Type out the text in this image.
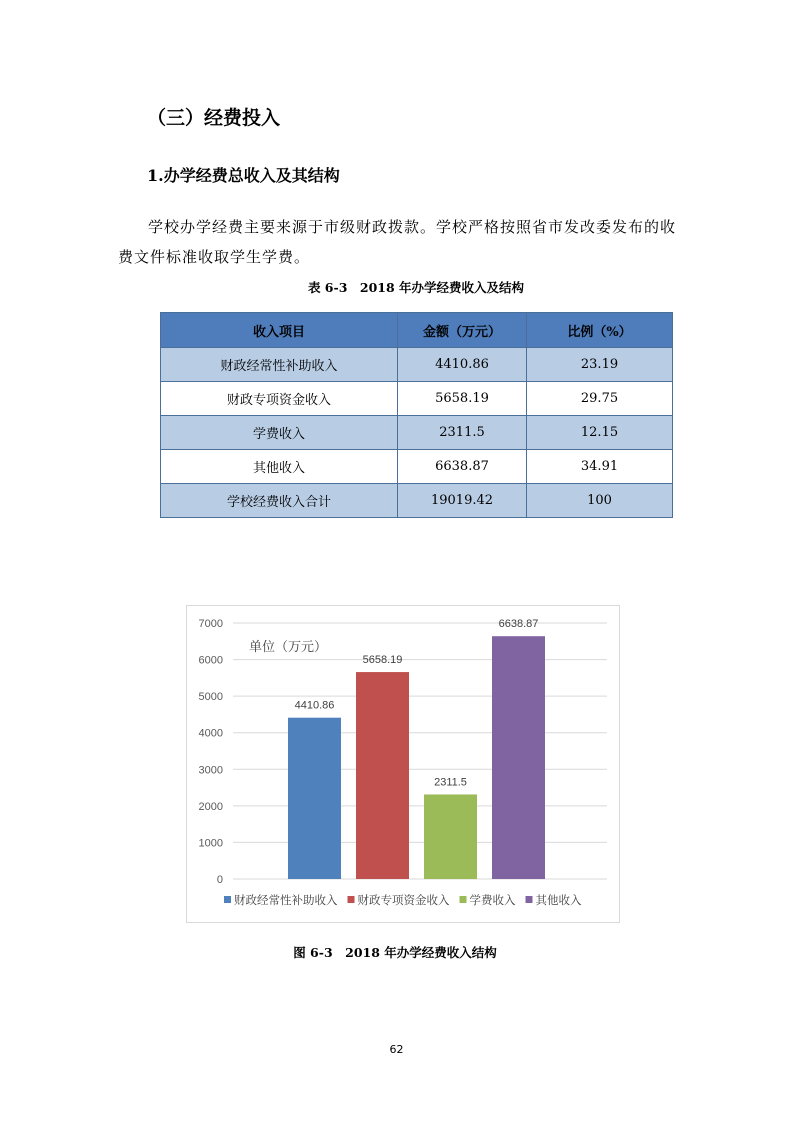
（三）经费投入
1.办学经费总收入及其结构
学校办学经费主要来源于市级财政拨款。学校严格按照省市发改委发布的收费文件标准收取学生学费。
表 6-3　2018 年办学经费收入及结构
收入项目	金额（万元）	比例（%）
财政经常性补助收入	4410.86	23.19
财政专项资金收入	5658.19	29.75
学费收入	2311.5	12.15
其他收入	6638.87	34.91
学校经费收入合计	19019.42	100
0
1000
2000
3000
4000
5000
6000
7000
4410.86
5658.19
2311.5
6638.87
单位（万元）
财政经常性补助收入 财政专项资金收入 学费收入 其他收入
图 6-3　2018 年办学经费收入结构
62
